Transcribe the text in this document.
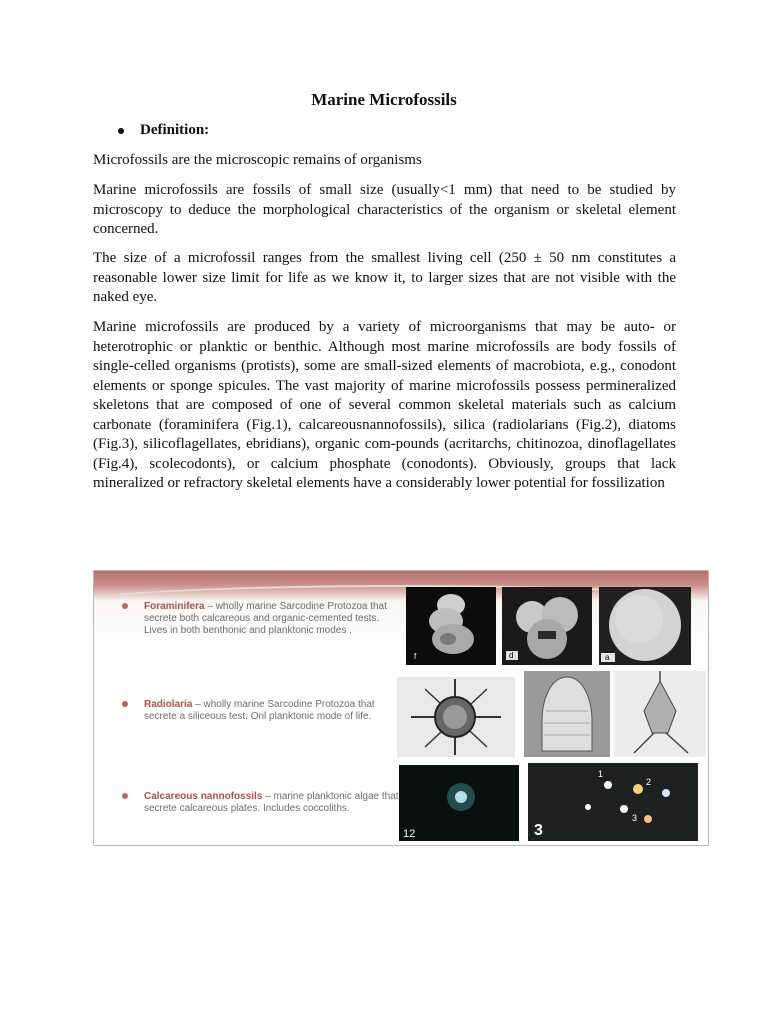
Marine Microfossils
Definition:

Microfossils are the microscopic remains of organisms

Marine microfossils are fossils of small size (usually<1 mm) that need to be studied by microscopy to deduce the morphological characteristics of the organism or skeletal element concerned.

The size of a microfossil ranges from the smallest living cell (250 ± 50 nm constitutes a reasonable lower size limit for life as we know it, to larger sizes that are not visible with the naked eye.

Marine microfossils are produced by a variety of microorganisms that may be auto- or heterotrophic or planktic or benthic. Although most marine microfossils are body fossils of single-celled organisms (protists), some are small-sized elements of macrobiota, e.g., conodont elements or sponge spicules. The vast majority of marine microfossils possess permineralized skeletons that are composed of one of several common skeletal materials such as calcium carbonate (foraminifera (Fig.1), calcareousnannofossils), silica (radiolarians (Fig.2), diatoms (Fig.3), silicoflagellates, ebridians), organic com-pounds (acritarchs, chitinozoa, dinoflagellates (Fig.4), scolecodonts), or calcium phosphate (conodonts). Obviously, groups that lack mineralized or refractory skeletal elements have a considerably lower potential for fossilization

Foraminifera – wholly marine Sarcodine Protozoa that secrete both calcareous and organic-cemented tests. Lives in both benthonic and planktonic modes .
Radiolaria – wholly marine Sarcodine Protozoa that secrete a siliceous test. Onl planktonic mode of life.
Calcareous nannofossils – marine planktonic algae that secrete calcareous plates. Includes coccoliths.
f	d	a
12	3
1
2
3
